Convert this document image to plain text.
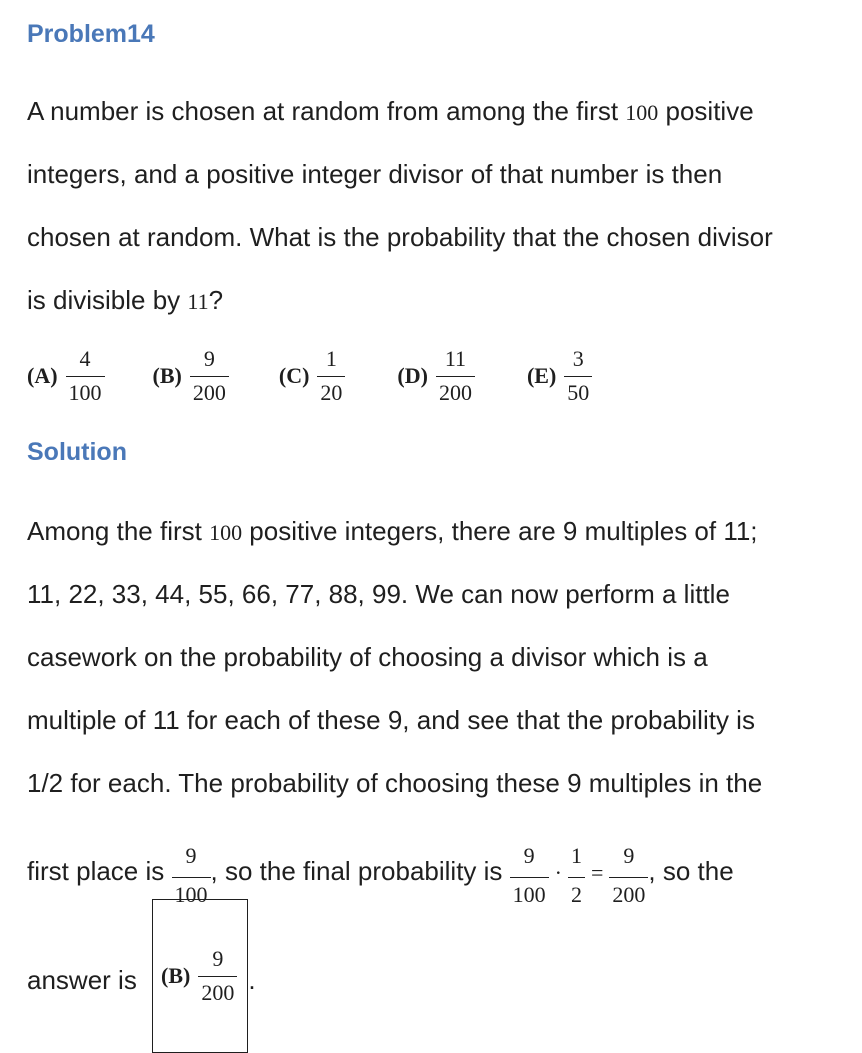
Problem14
A number is chosen at random from among the first 100 positive
integers, and a positive integer divisor of that number is then
chosen at random. What is the probability that the chosen divisor
is divisible by 11?
$(A) \frac{4}{100} (B) \frac{9}{200} (C) \frac{1}{20} (D) \frac{11}{200} (E) \frac{3}{50}$
Solution
Among the first 100 positive integers, there are 9 multiples of 11;
11, 22, 33, 44, 55, 66, 77, 88, 99. We can now perform a little
casework on the probability of choosing a divisor which is a
multiple of 11 for each of these 9, and see that the probability is
1/2 for each. The probability of choosing these 9 multiples in the
first place is $\frac{9}{100}$ , so the final probability is $\frac{9}{100} \cdot \frac{1}{2} = \frac{9}{200}$ , so the
answer is $(B) \frac{9}{200}$ .
